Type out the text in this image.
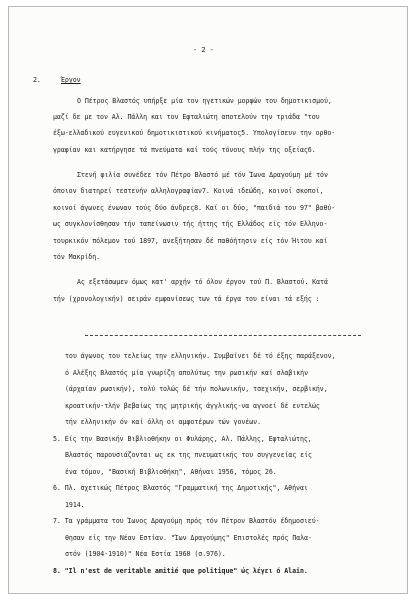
- 2 -
2.	Έργον
Ο Πέτρος Βλαστός υπήρξε μία τον ηγετικών μορφών του δημοτικισμού,
μαζί δε με τον Αλ. Πάλλη και τον Εφταλιώτη αποτελούν την τριάδα "του
έξω-ελλαδικού ευγενικού δημοτικιστικού κινήματος5. Υπολογίσευν την ορθο-
γραφίαν και κατήργησε τά πνεύματα καί τούς τόνους πλήν της οξείας6.
Στενή φιλία συνέδεε τόν Πέτρο Βλαστό μέ τόν Ίωνα Δραγούμη μέ τόν
όποιον διατηρεί τεστενήν αλληλογραφίαν7. Κοινά ιδεώδη, κοινοί σκοποί,
κοινοί άγωνες ένωναν τούς δύο άνδρες8. Καί οι δύο, "παιδιά του 97" βαθύ-
ως συγκλονίσθησαν τήν ταπείνωσιν τής ήττης τής Ελλάδος είς τόν Ελληνο-
τουρκικόν πόλεμον τού 1897, ανεξήτησαν δέ παθόήτησιν είς τόν Ήιτου καί
τόν Μακρίδη.
Ας εξετάσωμεν όμως κατ' αρχήν τό όλον έργον τού Π. Βλαστού. Κατά
τήν (χρονολογικήν) σειράν εμφανίσεως των τά έργα του είναι τά εξής :
του άγωνος του τελείως την ελληνικήν. Συμβαίνει δέ τό έξης παράξενον,
ό Αλέξης Βλαστός μία γνωρίζη απολύτως την ρωσικήν καί σλαβικήν
(άρχαίαν ρωσικήν), τολύ τολώς δέ τήν πολωνικήν, τσεχικήν, σερβικήν,
κροατικήν-τλήν βεβαίως της μητρικής άγγλικής-να αγνοεί δέ εντελώς
τήν ελληνικήν όν καί όλλη οι αμφοτέρων τών γονέων.
5. Είς την Βασικήν Βιβλιοθήκην οι Φυλάρης, Αλ. Πάλλης, Εφταλιώτης,
Βλαστός παρουσιάζονται ως εκ της πνευματικής του συγγενείας είς
ένα τόμον, "Βασική Βιβλιοθήκη", Αθήναι 1956, τόμος 26.
6. Πλ. σχετικώς Πέτρος Βλαστός "Γραμματική της Δημοτικής", Αθήναι
1914.
7. Τα γράμματα του Ίωνος Δραγούμη πρός τόν Πέτρον Βλαστόν έδημοσιεύ-
θησαν είς την Νέαν Εστίαν. "Ίων Δραγούμης" Επιστολές πρός Παλα-
στόν (1904-1910)" Νέα Εστία 1960 (σ.976).
8. "Il n'est de veritable amitié que politique" ώς λέγει ό Alain.
